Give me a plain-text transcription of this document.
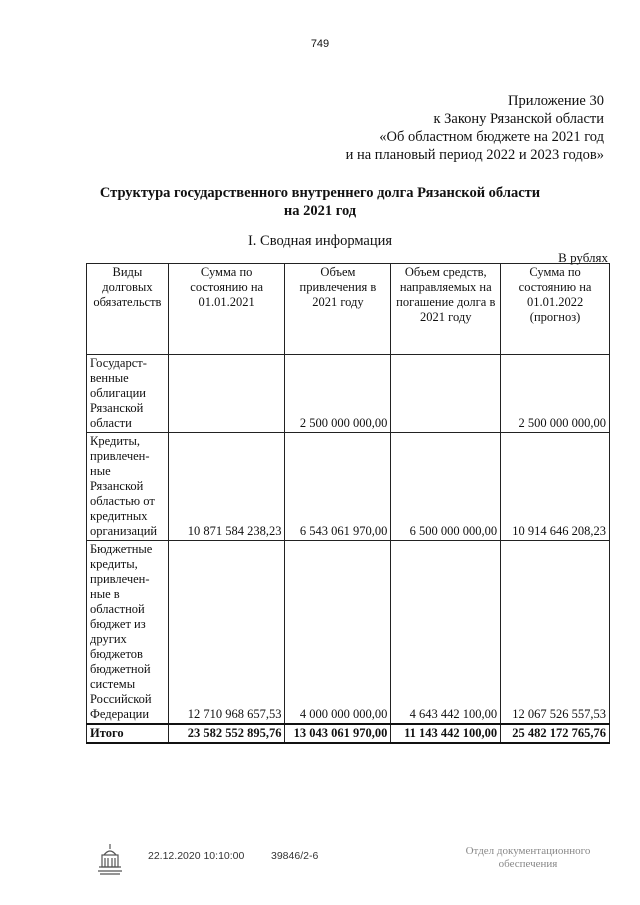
749
Приложение 30
к Закону Рязанской области
«Об областном бюджете на 2021 год
и на плановый период 2022 и 2023 годов»
Структура государственного внутреннего долга Рязанской области
на 2021 год
I. Сводная информация
В рублях
Виды долговых обязательств	Сумма по состоянию на 01.01.2021	Объем привлечения в 2021 году	Объем средств, направляемых на погашение долга в 2021 году	Сумма по состоянию на 01.01.2022 (прогноз)
Государст-венные облигации Рязанской области		2 500 000 000,00		2 500 000 000,00
Кредиты, привлечен-ные Рязанской областью от кредитных организаций	10 871 584 238,23	6 543 061 970,00	6 500 000 000,00	10 914 646 208,23
Бюджетные кредиты, привлечен-ные в областной бюджет из других бюджетов бюджетной системы Российской Федерации	12 710 968 657,53	4 000 000 000,00	4 643 442 100,00	12 067 526 557,53
Итого	23 582 552 895,76	13 043 061 970,00	11 143 442 100,00	25 482 172 765,76
22.12.2020 10:10:00	39846/2-6	Отдел документационного
обеспечения
